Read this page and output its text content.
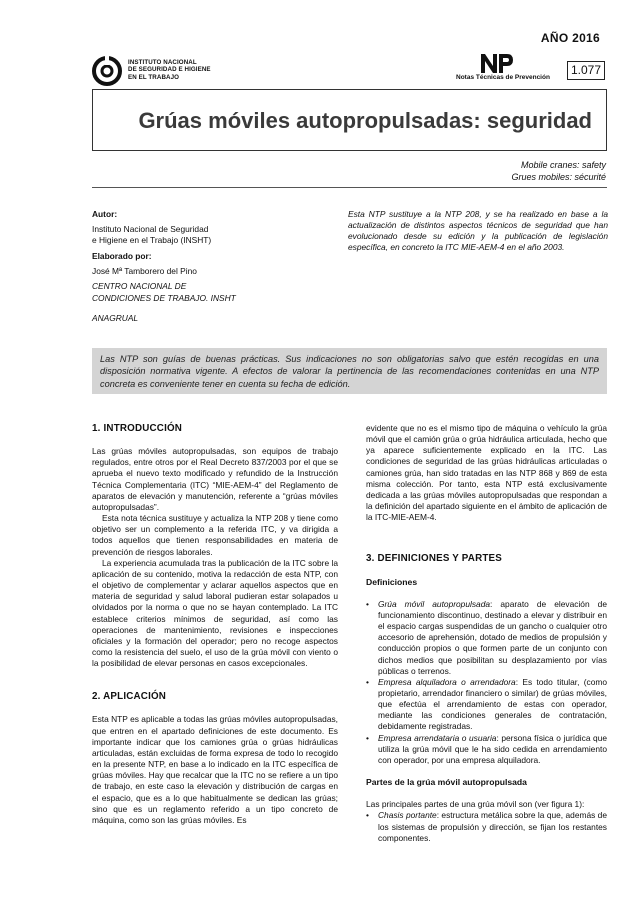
AÑO 2016
INSTITUTO NACIONAL
DE SEGURIDAD E HIGIENE
EN EL TRABAJO	Notas Técnicas de Prevención
1.077
Grúas móviles autopropulsadas: seguridad
Mobile cranes: safety
Grues mobiles: sécurité
Autor:
Instituto Nacional de Seguridad
e Higiene en el Trabajo (INSHT)
Elaborado por:
José Mª Tamborero del Pino
CENTRO NACIONAL DE
CONDICIONES DE TRABAJO. INSHT
ANAGRUAL
Esta NTP sustituye a la NTP 208, y se ha realizado en base a la actualización de distintos aspectos técnicos de seguridad que han evolucionado desde su edición y la publicación de legislación específica, en concreto la ITC MIE-AEM-4 en el año 2003.
Las NTP son guías de buenas prácticas. Sus indicaciones no son obligatorias salvo que estén recogidas en una disposición normativa vigente. A efectos de valorar la pertinencia de las recomendaciones contenidas en una NTP concreta es conveniente tener en cuenta su fecha de edición.
1. INTRODUCCIÓN

Las grúas móviles autopropulsadas, son equipos de trabajo regulados, entre otros por el Real Decreto 837/2003 por el que se aprueba el nuevo texto modificado y refundido de la Instrucción Técnica Complementaria (ITC) “MIE-AEM-4” del Reglamento de aparatos de elevación y manutención, referente a “grúas móviles autopropulsadas”.

Esta nota técnica sustituye y actualiza la NTP 208 y tiene como objetivo ser un complemento a la referida ITC, y va dirigida a todos aquellos que tienen responsabilidades en materia de prevención de riesgos laborales.

La experiencia acumulada tras la publicación de la ITC sobre la aplicación de su contenido, motiva la redacción de esta NTP, con el objetivo de complementar y aclarar aquellos aspectos que en materia de seguridad y salud laboral pudieran estar solapados u olvidados por la norma o que no se hayan contemplado. La ITC establece criterios mínimos de seguridad, así como las operaciones de mantenimiento, revisiones e inspecciones oficiales y la formación del operador; pero no recoge aspectos como la resistencia del suelo, el uso de la grúa móvil con viento o la posibilidad de elevar personas en casos excepcionales.

2. APLICACIÓN

Esta NTP es aplicable a todas las grúas móviles autopropulsadas, que entren en el apartado definiciones de este documento. Es importante indicar que los camiones grúa o grúas hidráulicas articuladas, están excluidas de forma expresa de todo lo recogido en la presente NTP, en base a lo indicado en la ITC específica de grúas móviles. Hay que recalcar que la ITC no se refiere a un tipo de trabajo, en este caso la elevación y distribución de cargas en el espacio, que es a lo que habitualmente se dedican las grúas; sino que es un reglamento referido a un tipo concreto de máquina, como son las grúas móviles. Es

evidente que no es el mismo tipo de máquina o vehículo la grúa móvil que el camión grúa o grúa hidráulica articulada, hecho que ya aparece suficientemente explicado en la ITC. Las condiciones de seguridad de las grúas hidráulicas articuladas o camiones grúa, han sido tratadas en las NTP 868 y 869 de esta misma colección. Por tanto, esta NTP está exclusivamente dedicada a las grúas móviles autopropulsadas que respondan a la definición del apartado siguiente en el ámbito de aplicación de la ITC-MIE-AEM-4.

3. DEFINICIONES Y PARTES
Definiciones
• Grúa móvil autopropulsada: aparato de elevación de funcionamiento discontinuo, destinado a elevar y distribuir en el espacio cargas suspendidas de un gancho o cualquier otro accesorio de aprehensión, dotado de medios de propulsión y conducción propios o que formen parte de un conjunto con dichos medios que posibilitan su desplazamiento por vías públicas o terrenos.
• Empresa alquiladora o arrendadora: Es todo titular, (como propietario, arrendador financiero o similar) de grúas móviles, que efectúa el arrendamiento de estas con operador, mediante las condiciones generales de contratación, debidamente registradas.
• Empresa arrendataria o usuaria: persona física o jurídica que utiliza la grúa móvil que le ha sido cedida en arrendamiento con operador, por una empresa alquiladora.
Partes de la grúa móvil autopropulsada

Las principales partes de una grúa móvil son (ver figura 1):

• Chasis portante: estructura metálica sobre la que, además de los sistemas de propulsión y dirección, se fijan los restantes componentes.
